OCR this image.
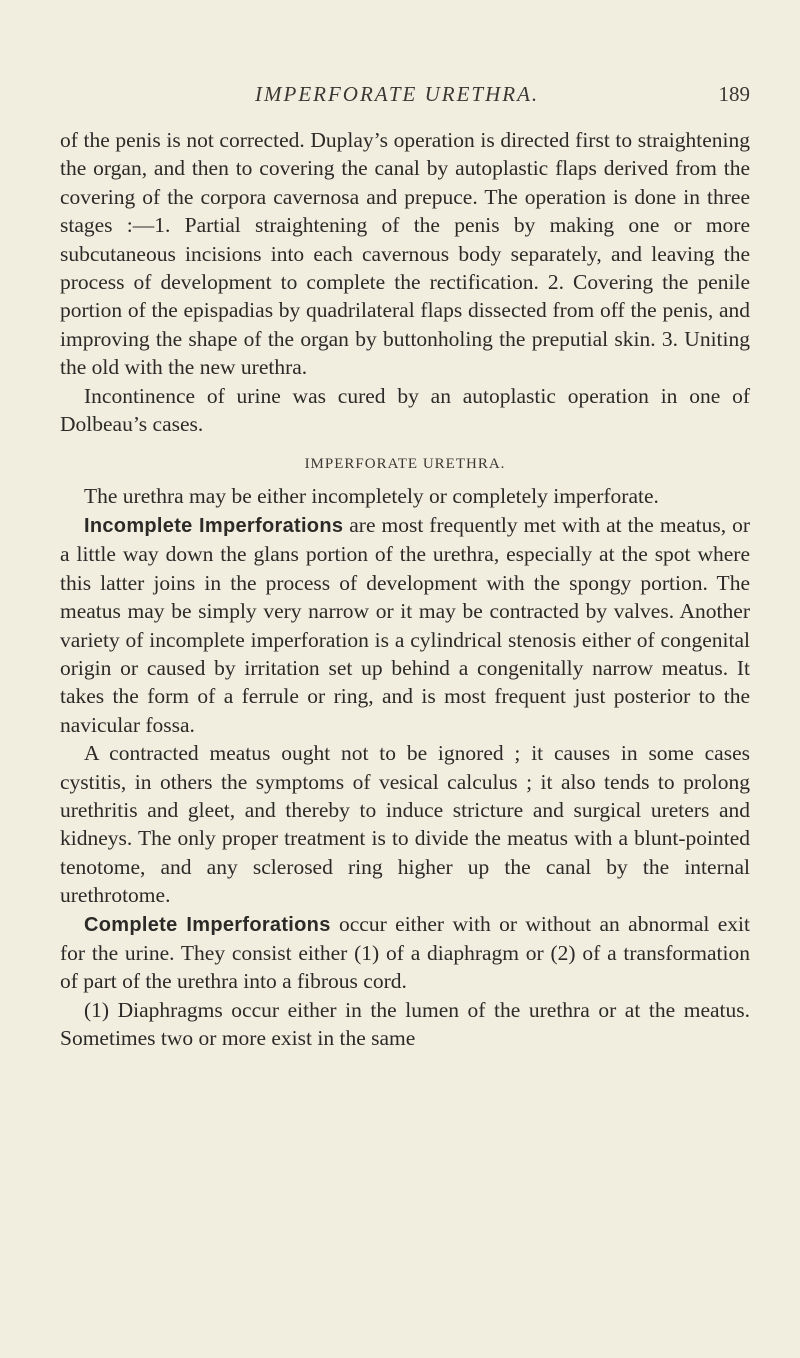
IMPERFORATE URETHRA.	189

of the penis is not corrected. Duplay’s operation is directed first to straightening the organ, and then to covering the canal by autoplastic flaps derived from the covering of the corpora cavernosa and prepuce. The operation is done in three stages :—1. Partial straightening of the penis by making one or more subcutaneous incisions into each cavernous body separately, and leaving the process of development to complete the rectification. 2. Covering the penile portion of the epispadias by quadrilateral flaps dissected from off the penis, and improving the shape of the organ by buttonholing the preputial skin. 3. Uniting the old with the new urethra.

Incontinence of urine was cured by an autoplastic operation in one of Dolbeau’s cases.

IMPERFORATE URETHRA.

The urethra may be either incompletely or completely imperforate.

Incomplete Imperforations are most frequently met with at the meatus, or a little way down the glans portion of the urethra, especially at the spot where this latter joins in the process of development with the spongy portion. The meatus may be simply very narrow or it may be contracted by valves. Another variety of incomplete imperforation is a cylindrical stenosis either of congenital origin or caused by irritation set up behind a congenitally narrow meatus. It takes the form of a ferrule or ring, and is most frequent just posterior to the navicular fossa.

A contracted meatus ought not to be ignored ; it causes in some cases cystitis, in others the symptoms of vesical calculus ; it also tends to prolong urethritis and gleet, and thereby to induce stricture and surgical ureters and kidneys. The only proper treatment is to divide the meatus with a blunt-pointed tenotome, and any sclerosed ring higher up the canal by the internal urethrotome.

Complete Imperforations occur either with or without an abnormal exit for the urine. They consist either (1) of a diaphragm or (2) of a transformation of part of the urethra into a fibrous cord.

(1) Diaphragms occur either in the lumen of the urethra or at the meatus. Sometimes two or more exist in the same
